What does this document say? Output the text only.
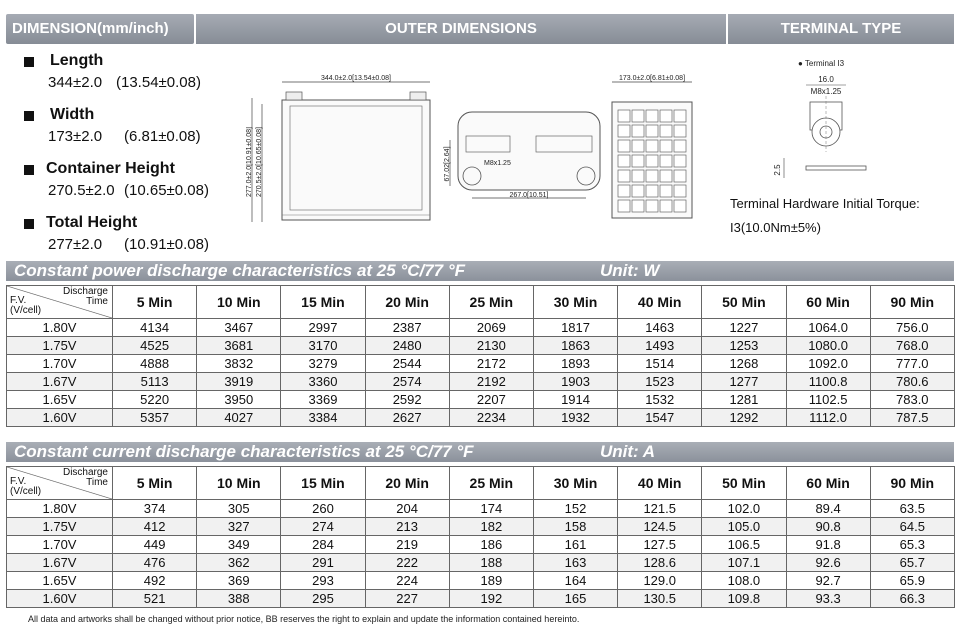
DIMENSION(mm/inch)	OUTER DIMENSIONS	TERMINAL TYPE
Length
344±2.0 (13.54±0.08)
Width
173±2.0 (6.81±0.08)
Container Height
270.5±2.0 (10.65±0.08)
Total Height
277±2.0 (10.91±0.08)
344.0±2.0[13.54±0.08]
277.0±2.0[10.91±0.08] 270.5±2.0[10.65±0.08]	M8x1.25
67.02[2.64]
267.0[10.51]
173.0±2.0[6.81±0.08]
● Terminal I3
16.0
M8x1.25
2.5
Terminal Hardware Initial Torque:
I3(10.0Nm±5%)
Constant power discharge characteristics at 25 °C/77 °F	Unit: W
Discharge
Time
F.V.
(V/cell)	5 Min	10 Min	15 Min	20 Min	25 Min	30 Min	40 Min	50 Min	60 Min	90 Min
1.80V	4134	3467	2997	2387	2069	1817	1463	1227	1064.0	756.0
1.75V	4525	3681	3170	2480	2130	1863	1493	1253	1080.0	768.0
1.70V	4888	3832	3279	2544	2172	1893	1514	1268	1092.0	777.0
1.67V	5113	3919	3360	2574	2192	1903	1523	1277	1100.8	780.6
1.65V	5220	3950	3369	2592	2207	1914	1532	1281	1102.5	783.0
1.60V	5357	4027	3384	2627	2234	1932	1547	1292	1112.0	787.5
Constant current discharge characteristics at 25 °C/77 °F	Unit: A
Discharge
Time
F.V.
(V/cell)	5 Min	10 Min	15 Min	20 Min	25 Min	30 Min	40 Min	50 Min	60 Min	90 Min
1.80V	374	305	260	204	174	152	121.5	102.0	89.4	63.5
1.75V	412	327	274	213	182	158	124.5	105.0	90.8	64.5
1.70V	449	349	284	219	186	161	127.5	106.5	91.8	65.3
1.67V	476	362	291	222	188	163	128.6	107.1	92.6	65.7
1.65V	492	369	293	224	189	164	129.0	108.0	92.7	65.9
1.60V	521	388	295	227	192	165	130.5	109.8	93.3	66.3
All data and artworks shall be changed without prior notice, BB reserves the right to explain and update the information contained hereinto.
